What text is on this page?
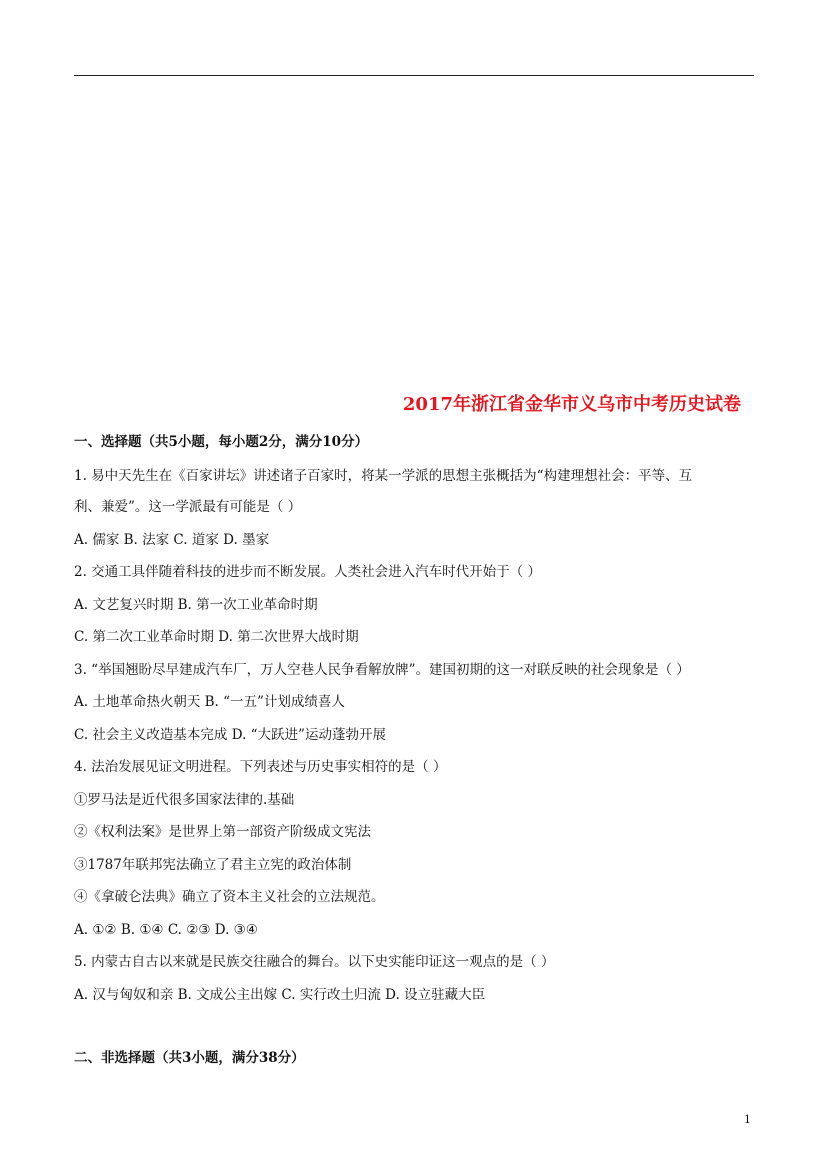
2017年浙江省金华市义乌市中考历史试卷

一、选择题（共5小题，每小题2分，满分10分）

1. 易中天先生在《百家讲坛》讲述诸子百家时，将某一学派的思想主张概括为“构建理想社会：平等、互

利、兼爱”。这一学派最有可能是（ ）

A. 儒家 B. 法家 C. 道家 D. 墨家

2. 交通工具伴随着科技的进步而不断发展。人类社会进入汽车时代开始于（ ）

A. 文艺复兴时期 B. 第一次工业革命时期

C. 第二次工业革命时期 D. 第二次世界大战时期

3. “举国翘盼尽早建成汽车厂，万人空巷人民争看解放牌”。建国初期的这一对联反映的社会现象是（ ）

A. 土地革命热火朝天 B. “一五”计划成绩喜人

C. 社会主义改造基本完成 D. “大跃进”运动蓬勃开展

4. 法治发展见证文明进程。下列表述与历史事实相符的是（ ）

①罗马法是近代很多国家法律的.基础

②《权利法案》是世界上第一部资产阶级成文宪法

③1787年联邦宪法确立了君主立宪的政治体制

④《拿破仑法典》确立了资本主义社会的立法规范。

A. ①② B. ①④ C. ②③ D. ③④

5. 内蒙古自古以来就是民族交往融合的舞台。以下史实能印证这一观点的是（ ）

A. 汉与匈奴和亲 B. 文成公主出嫁 C. 实行改土归流 D. 设立驻藏大臣

二、非选择题（共3小题，满分38分）

1
